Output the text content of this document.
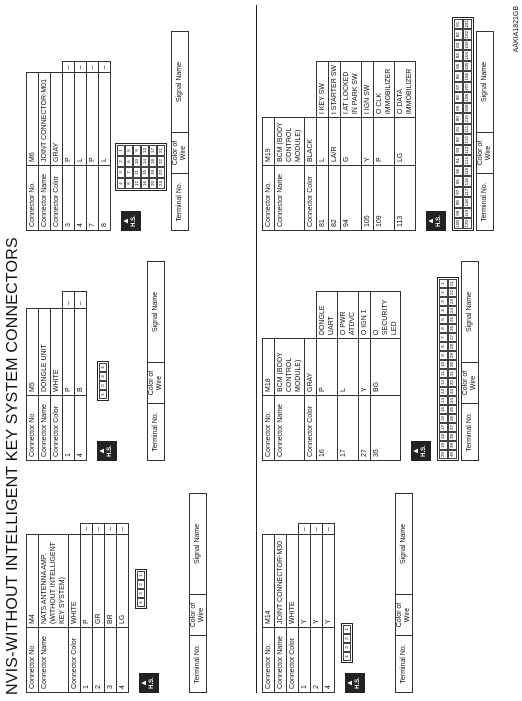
NVIS-WITHOUT INTELLIGENT KEY SYSTEM CONNECTORS
AAKIA1821GB
Connector No.	M4	
Connector Name	NATS ANTENNA AMP. (WITHOUT INTELLIGENT KEY SYSTEM)	
Connector Color	WHITE	
1	P	–
2	GR	–
3	BR	–
4	LG	–
▲ H.S.
4
3
2
1
Terminal No.	Color of Wire	Signal Name
Connector No.	M5	
Connector Name	DONGLE UNIT	
Connector Color	WHITE	
1	P	–
4	B	–
▲ H.S.
1
2
3
4
Terminal No.	Color of Wire	Signal Name
Connector No.	M6	
Connector Name	JOINT CONNECTOR-M01	
Connector Color	GRAY	
3	P	–
4	L	–
7	P	–
8	L	–
▲ H.S.
4
3
2
1
8
7
6
5
12
11
10
9
16
15
14
13
20
19
18
17
24
23
22
21
Terminal No.	Color of Wire	Signal Name
Connector No.	M14	
Connector Name	JOINT CONNECTOR-M30	
Connector Color	WHITE	
1	Y	–
2	Y	–
4	Y	–
▲ H.S.
4
3
2
1
Terminal No.	Color of Wire	Signal Name
Connector No.	M18	
Connector Name	BCM (BODY CONTROL MODULE)	
Connector Color	GRAY	
16	P	DONGLE UART
17	L	O PWR ATDVC
27	Y	O IGN 1
35	BG	O SECURITY LED
▲ H.S.	20
19
18
17
16
15
14
13
12
11
10
9
8
7
6
5
4
3
2
1
40
39
38
37
36
35
34
33
32
31
30
29
28
27
26
25
24
23
22
21
Terminal No.	Color of Wire	Signal Name
Connector No.	M19	
Connector Name	BCM (BODY CONTROL MODULE)	
Connector Color	BLACK	
81	L	I KEY SW
82	LA/R	I STARTER SW
94	G	I AT LOCKED IN PARK SW
105	Y	I IGN SW
109	P	O CLK IMMOBILIZER
113	LG	O DATA IMMOBILIZER
▲ H.S.	100
99
98
97
96
95
94
93
92
91
90
89
88
87
86
85
84
83
82
81
120
119
118
117
116
115
114
113
112
111
110
109
108
107
106
105
104
103
102
101
Terminal No.	Color of Wire	Signal Name
